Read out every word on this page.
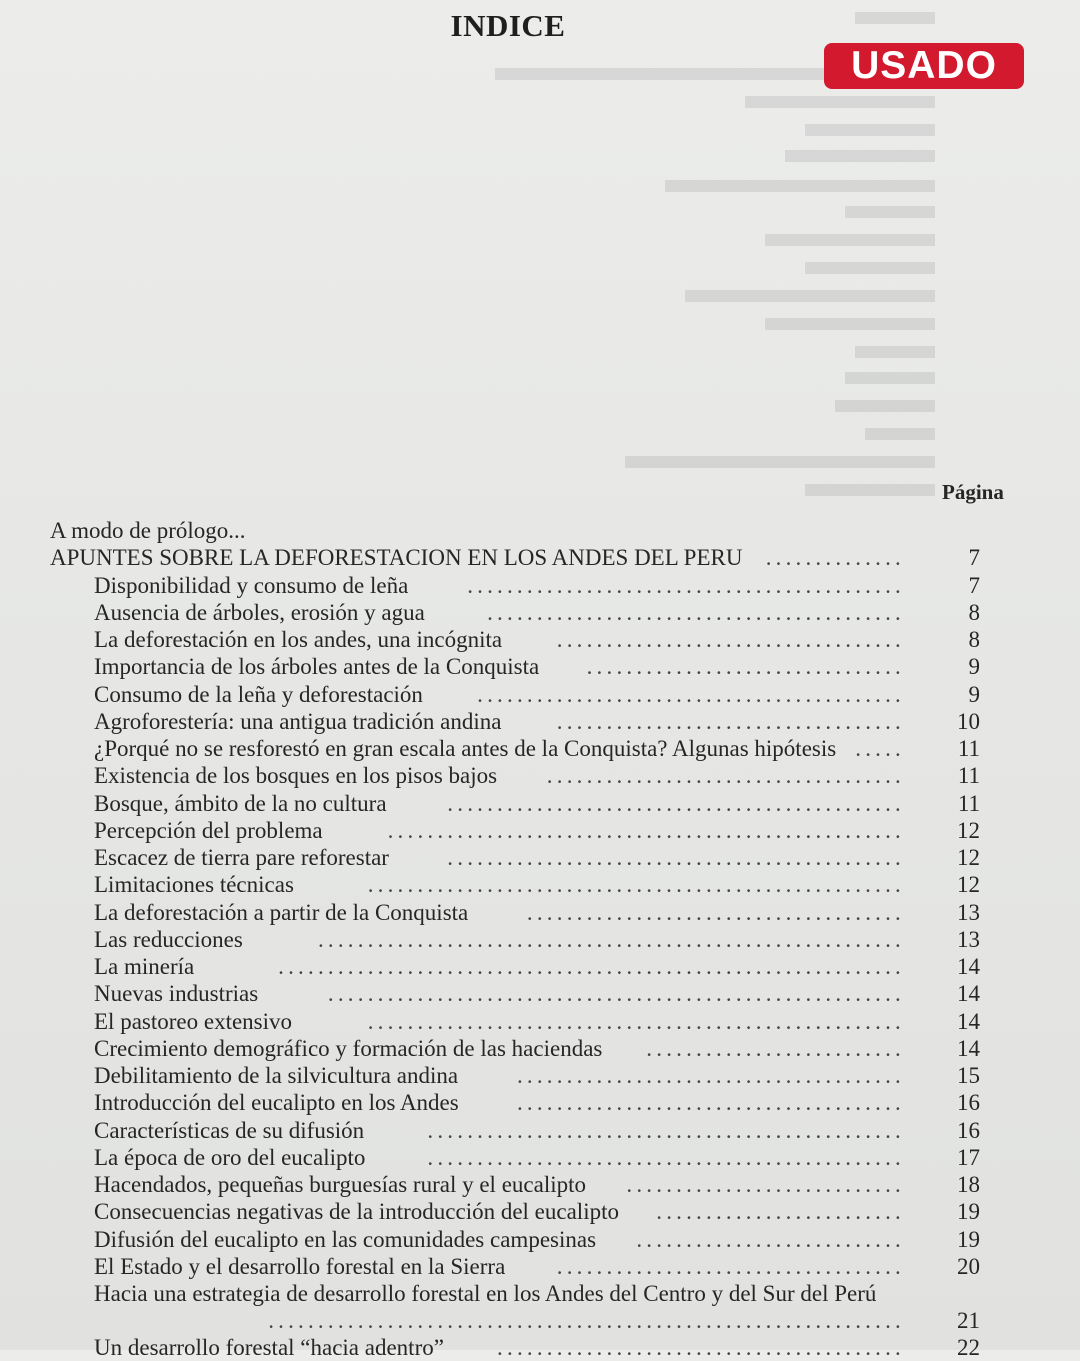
INDICE
USADO
Página
A modo de prólogo...
APUNTES SOBRE LA DEFORESTACION EN LOS ANDES DEL PERU ..............	7
Disponibilidad y consumo de leña	............................................	7
Ausencia de árboles, erosión y agua	..........................................	8
La deforestación en los andes, una incógnita ...................................	8
Importancia de los árboles antes de la Conquista ................................	9
Consumo de la leña y deforestación ...........................................	9
Agroforestería: una antigua tradición andina ................................... 10
¿Porqué no se resforestó en gran escala antes de la Conquista? Algunas hipótesis ..... 11
Existencia de los bosques en los pisos bajos .................................... 11
Bosque, ámbito de la no cultura	.............................................. 11
Percepción del problema	.................................................... 12
Escacez de tierra pare reforestar	.............................................. 12
Limitaciones técnicas	...................................................... 12
La deforestación a partir de la Conquista	...................................... 13
Las reducciones	........................................................... 13
La minería	............................................................... 14
Nuevas industrias	.......................................................... 14
El pastoreo extensivo	...................................................... 14
Crecimiento demográfico y formación de las haciendas .......................... 14
Debilitamiento de la silvicultura andina	....................................... 15
Introducción del eucalipto en los Andes	....................................... 16
Características de su difusión	................................................ 16
La época de oro del eucalipto	................................................ 17
Hacendados, pequeñas burguesías rural y el eucalipto ............................ 18
Consecuencias negativas de la introducción del eucalipto ......................... 19
Difusión del eucalipto en las comunidades campesinas ........................... 19
El Estado y el desarrollo forestal en la Sierra ................................... 20
Hacia una estrategia de desarrollo forestal en los Andes del Centro y del Sur del Perú
................................................................ 21
Un desarrollo forestal “hacia adentro” ......................................... 22
